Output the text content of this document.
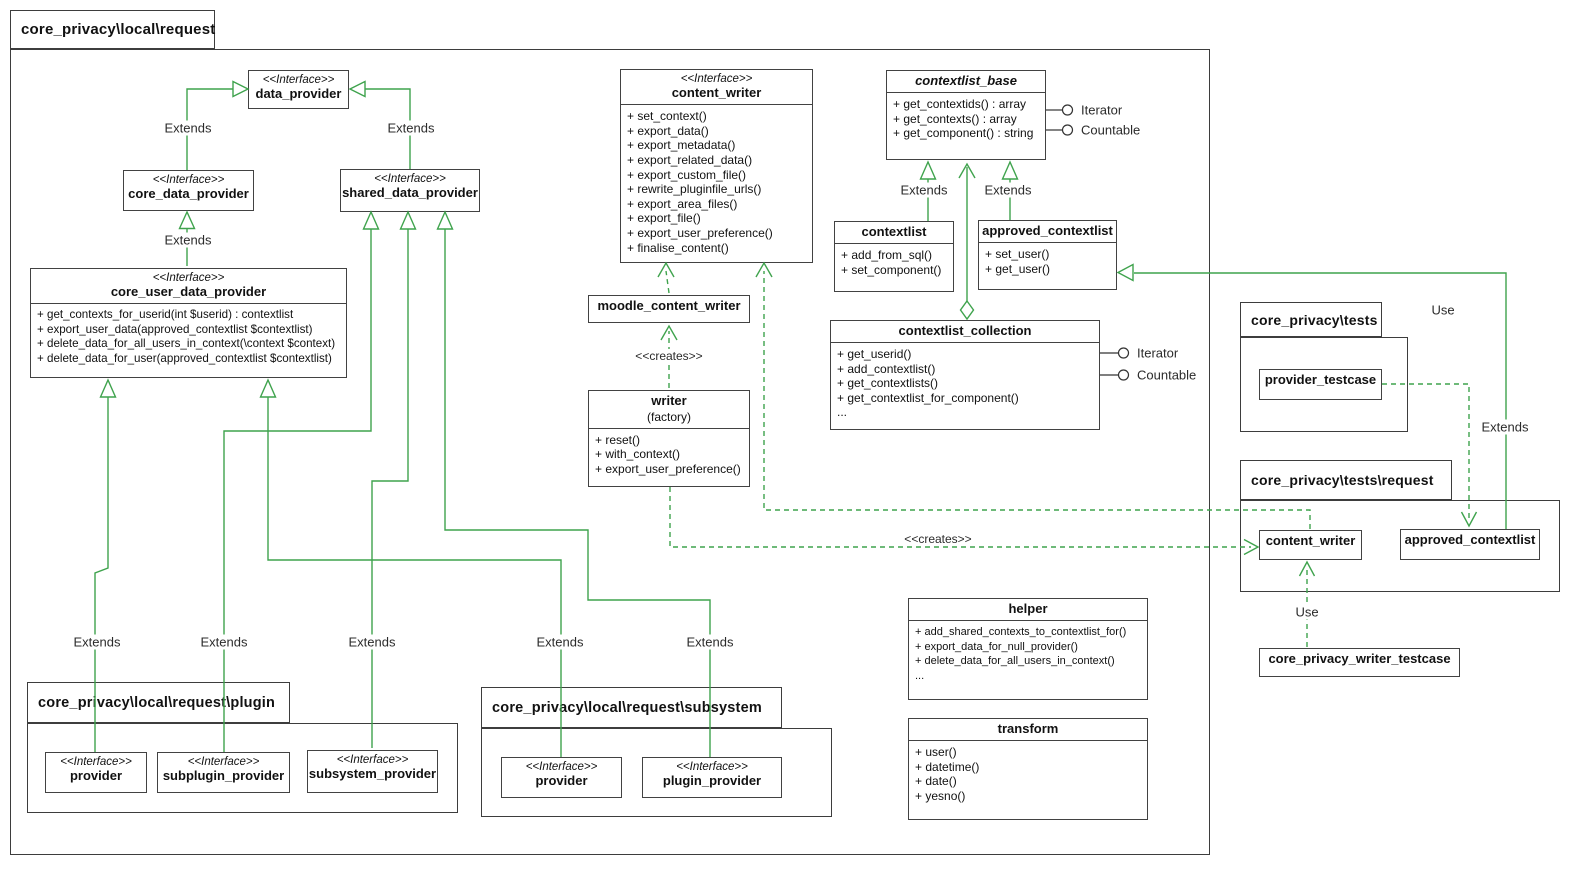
core_privacy\local\request
core_privacy\local\request\plugin	core_privacy\local\request\subsystem
core_privacy\tests
core_privacy\tests\request
<<Interface>>
data_provider
<<Interface>>
core_data_provider
<<Interface>>
shared_data_provider
<<Interface>>
core_user_data_provider
+ get_contexts_for_userid(int $userid) : contextlist
+ export_user_data(approved_contextlist $contextlist)
+ delete_data_for_all_users_in_context(\context $context)
+ delete_data_for_user(approved_contextlist $contextlist)
<<Interface>>
content_writer
+ set_context()
+ export_data()
+ export_metadata()
+ export_related_data()
+ export_custom_file()
+ rewrite_pluginfile_urls()
+ export_area_files()
+ export_file()
+ export_user_preference()
+ finalise_content()
contextlist_base
+ get_contextids() : array
+ get_contexts() : array
+ get_component() : string
contextlist
+ add_from_sql()
+ set_component()
approved_contextlist
+ set_user()
+ get_user()
contextlist_collection
+ get_userid()
+ add_contextlist()
+ get_contextlists()
+ get_contextlist_for_component()
...
moodle_content_writer
writer
(factory)
+ reset()
+ with_context()
+ export_user_preference()
helper
+ add_shared_contexts_to_contextlist_for()
+ export_data_for_null_provider()
+ delete_data_for_all_users_in_context()
...
transform
+ user()
+ datetime()
+ date()
+ yesno()
<<Interface>>
provider
<<Interface>>
subplugin_provider
<<Interface>>
subsystem_provider	<<Interface>>
provider
<<Interface>>
plugin_provider
provider_testcase
content_writer	approved_contextlist
core_privacy_writer_testcase
Extends	Extends
Extends
Extends	Extends
Extends	Extends	Extends	Extends	Extends
Extends
Use
Use
<<creates>>
<<creates>>
Iterator
Countable
Iterator
Countable
